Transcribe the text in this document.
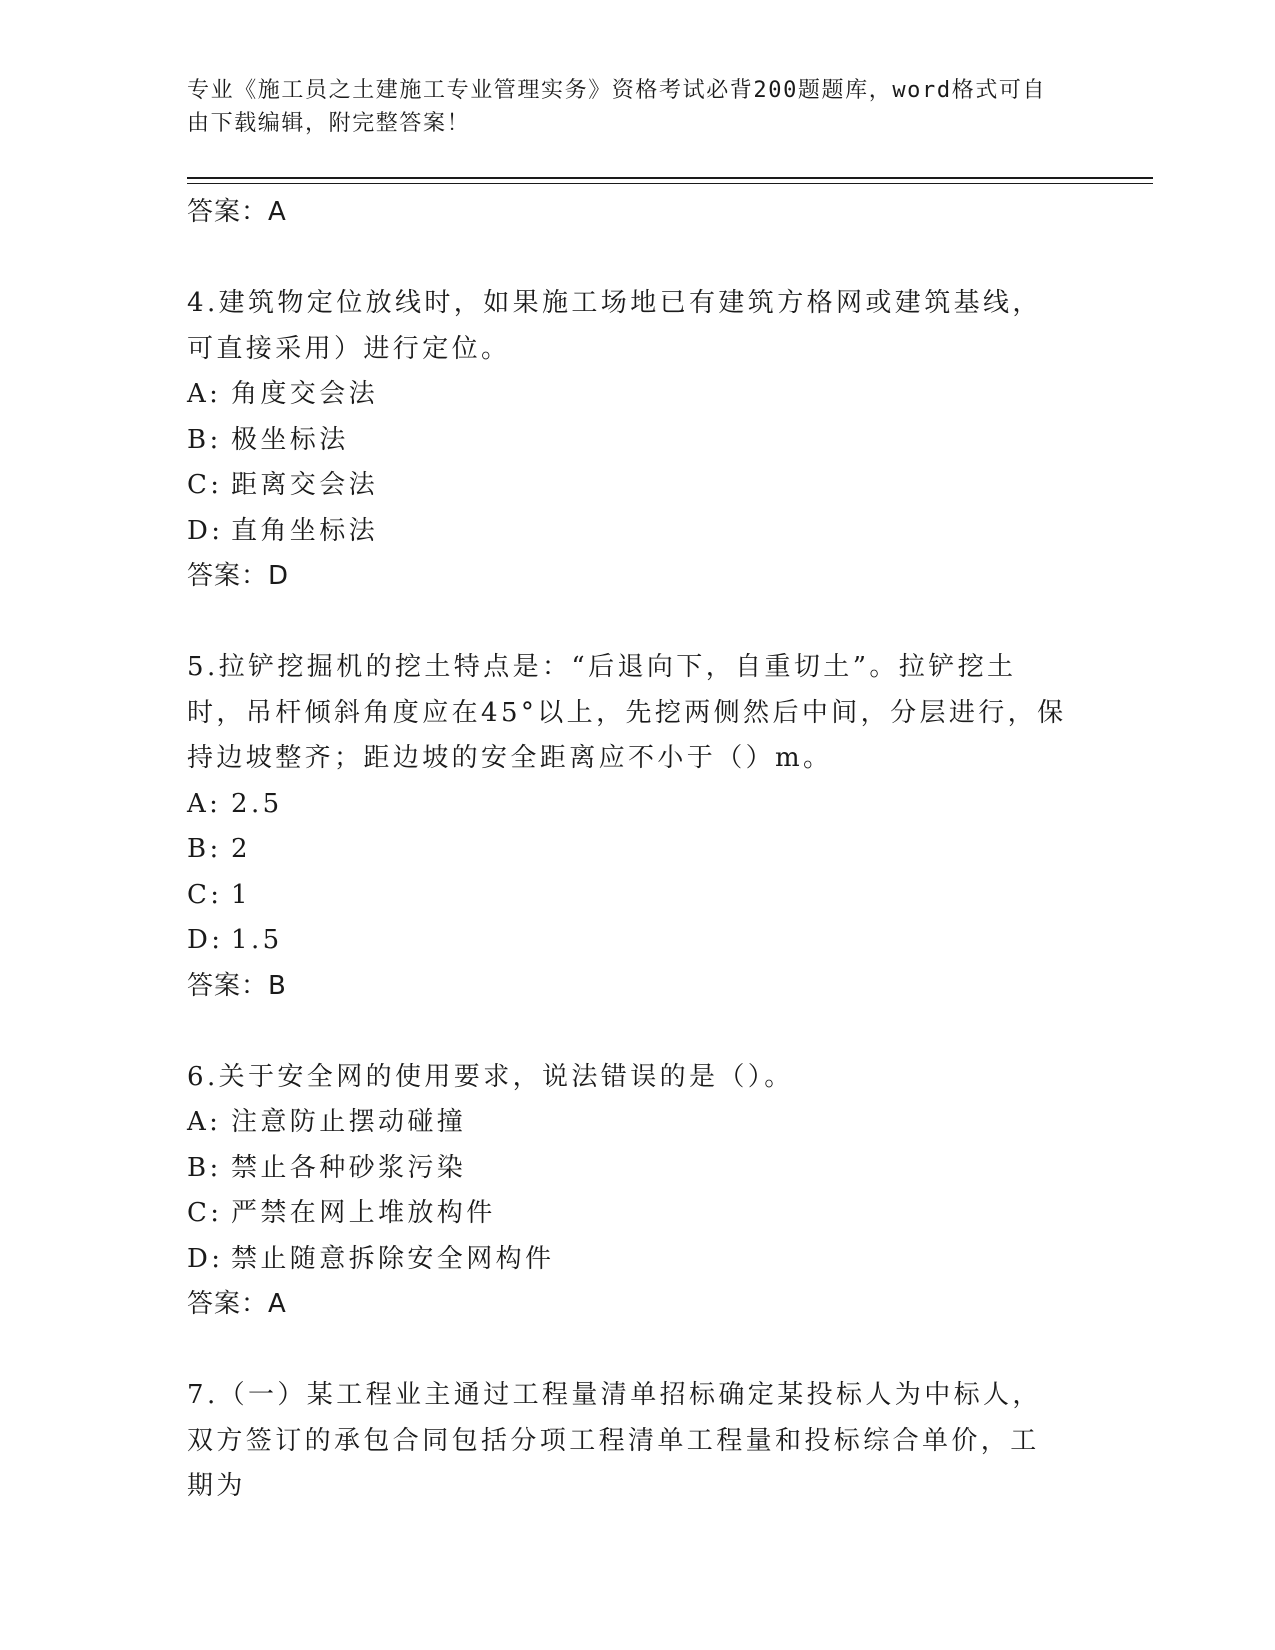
专业《施工员之土建施工专业管理实务》资格考试必背200题题库，word格式可自由下载编辑，附完整答案！
答案：A
4.建筑物定位放线时，如果施工场地已有建筑方格网或建筑基线，可直接采用）进行定位。
A: 角度交会法
B: 极坐标法
C: 距离交会法
D: 直角坐标法
答案：D
5.拉铲挖掘机的挖土特点是：“后退向下，自重切土”。拉铲挖土时，吊杆倾斜角度应在45°以上，先挖两侧然后中间，分层进行，保持边坡整齐；距边坡的安全距离应不小于（）m。
A: 2.5
B: 2
C: 1
D: 1.5
答案：B
6.关于安全网的使用要求，说法错误的是（）。
A: 注意防止摆动碰撞
B: 禁止各种砂浆污染
C: 严禁在网上堆放构件
D: 禁止随意拆除安全网构件
答案：A
7.（一）某工程业主通过工程量清单招标确定某投标人为中标人，双方签订的承包合同包括分项工程清单工程量和投标综合单价，工期为
